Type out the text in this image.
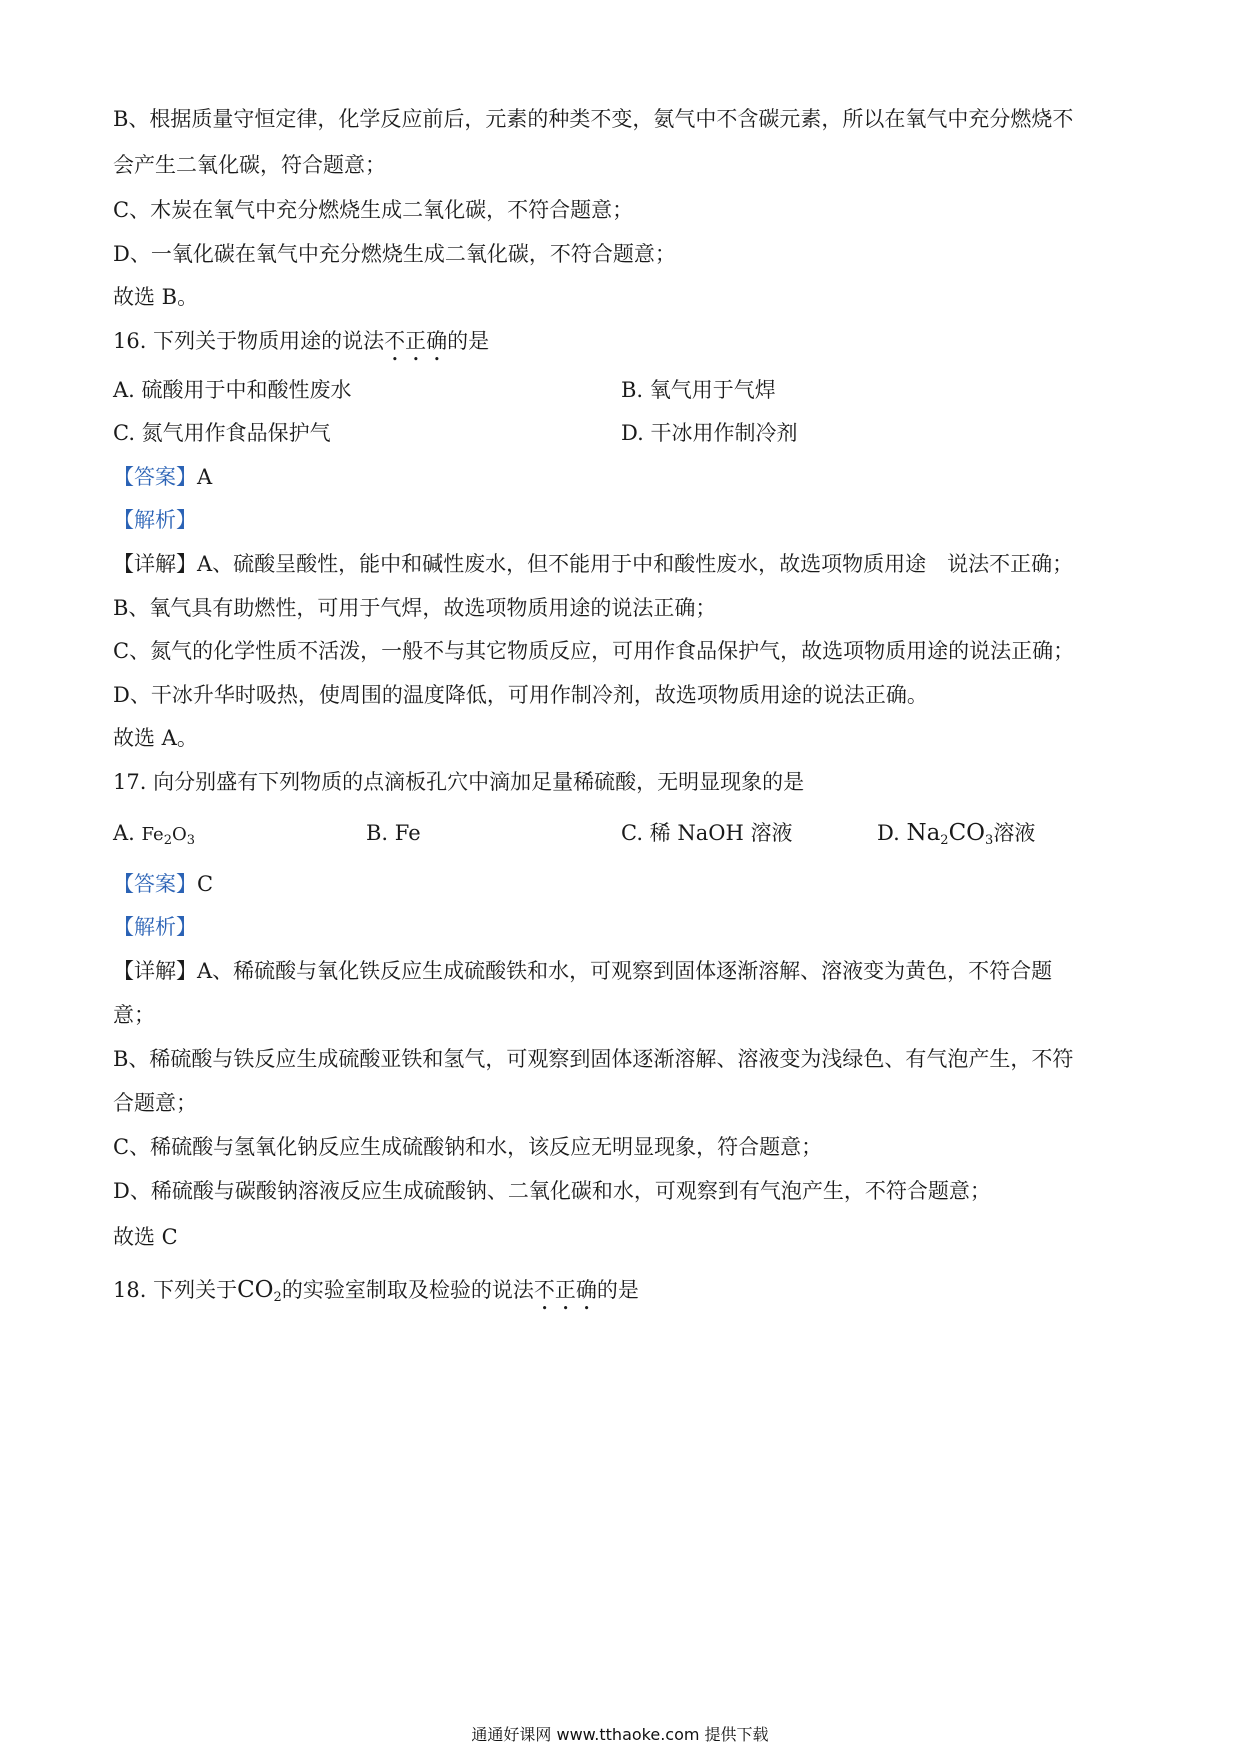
B、根据质量守恒定律，化学反应前后，元素的种类不变，氨气中不含碳元素，所以在氧气中充分燃烧不
会产生二氧化碳，符合题意；
C、木炭在氧气中充分燃烧生成二氧化碳，不符合题意；
D、一氧化碳在氧气中充分燃烧生成二氧化碳，不符合题意；
故选 B。
16. 下列关于物质用途的说法不正确的是
A. 硫酸用于中和酸性废水	B. 氧气用于气焊
C. 氮气用作食品保护气	D. 干冰用作制冷剂
【答案】A
【解析】
【详解】A、硫酸呈酸性，能中和碱性废水，但不能用于中和酸性废水，故选项物质用途　说法不正确；
B、氧气具有助燃性，可用于气焊，故选项物质用途的说法正确；
C、氮气的化学性质不活泼，一般不与其它物质反应，可用作食品保护气，故选项物质用途的说法正确；
D、干冰升华时吸热，使周围的温度降低，可用作制冷剂，故选项物质用途的说法正确。
故选 A。
17. 向分别盛有下列物质的点滴板孔穴中滴加足量稀硫酸，无明显现象的是
A. $Fe_2O_3$	B. Fe	C. 稀 NaOH 溶液	D. $Na_2CO_3$溶液
【答案】C
【解析】
【详解】A、稀硫酸与氧化铁反应生成硫酸铁和水，可观察到固体逐渐溶解、溶液变为黄色，不符合题
意；
B、稀硫酸与铁反应生成硫酸亚铁和氢气，可观察到固体逐渐溶解、溶液变为浅绿色、有气泡产生，不符
合题意；
C、稀硫酸与氢氧化钠反应生成硫酸钠和水，该反应无明显现象，符合题意；
D、稀硫酸与碳酸钠溶液反应生成硫酸钠、二氧化碳和水，可观察到有气泡产生，不符合题意；
故选 C
18. 下列关于$CO_2$的实验室制取及检验的说法不正确的是
通通好课网 www.tthaoke.com 提供下载
